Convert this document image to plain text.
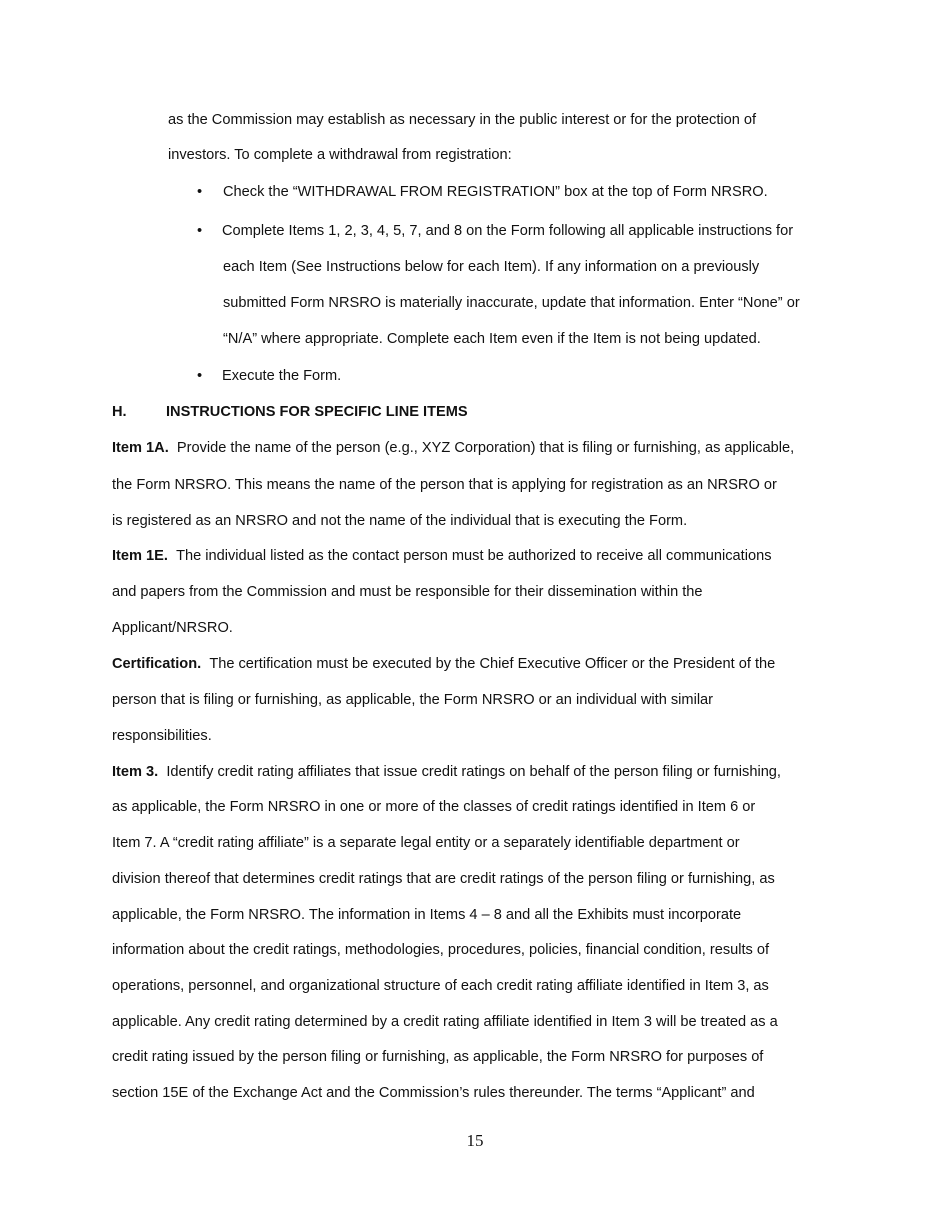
as the Commission may establish as necessary in the public interest or for the protection of
investors. To complete a withdrawal from registration:
• Check the “WITHDRAWAL FROM REGISTRATION” box at the top of Form NRSRO.
• Complete Items 1, 2, 3, 4, 5, 7, and 8 on the Form following all applicable instructions for
each Item (See Instructions below for each Item). If any information on a previously
submitted Form NRSRO is materially inaccurate, update that information. Enter “None” or
“N/A” where appropriate. Complete each Item even if the Item is not being updated.
• Execute the Form.
H.	INSTRUCTIONS FOR SPECIFIC LINE ITEMS
Item 1A. Provide the name of the person (e.g., XYZ Corporation) that is filing or furnishing, as applicable,
the Form NRSRO. This means the name of the person that is applying for registration as an NRSRO or
is registered as an NRSRO and not the name of the individual that is executing the Form.
Item 1E. The individual listed as the contact person must be authorized to receive all communications
and papers from the Commission and must be responsible for their dissemination within the
Applicant/NRSRO.
Certification. The certification must be executed by the Chief Executive Officer or the President of the
person that is filing or furnishing, as applicable, the Form NRSRO or an individual with similar
responsibilities.
Item 3. Identify credit rating affiliates that issue credit ratings on behalf of the person filing or furnishing,
as applicable, the Form NRSRO in one or more of the classes of credit ratings identified in Item 6 or
Item 7. A “credit rating affiliate” is a separate legal entity or a separately identifiable department or
division thereof that determines credit ratings that are credit ratings of the person filing or furnishing, as
applicable, the Form NRSRO. The information in Items 4 – 8 and all the Exhibits must incorporate
information about the credit ratings, methodologies, procedures, policies, financial condition, results of
operations, personnel, and organizational structure of each credit rating affiliate identified in Item 3, as
applicable. Any credit rating determined by a credit rating affiliate identified in Item 3 will be treated as a
credit rating issued by the person filing or furnishing, as applicable, the Form NRSRO for purposes of
section 15E of the Exchange Act and the Commission’s rules thereunder. The terms “Applicant” and
15
